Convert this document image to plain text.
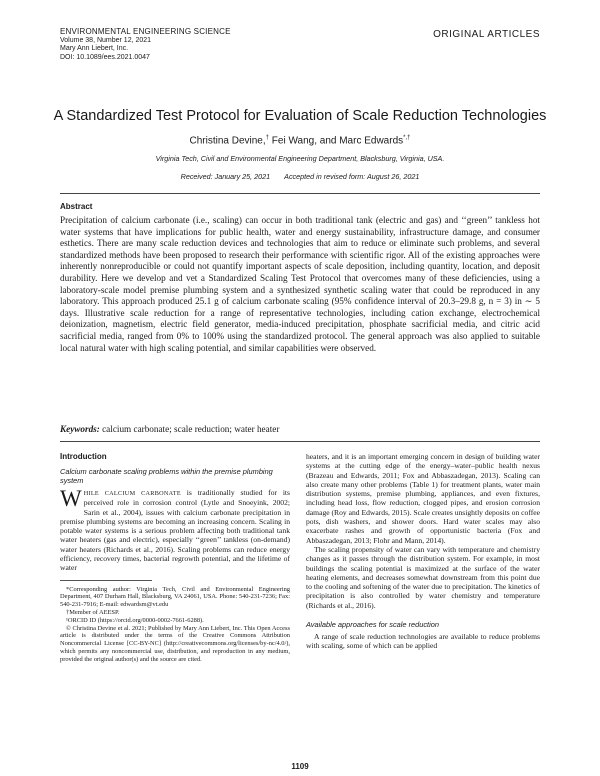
ENVIRONMENTAL ENGINEERING SCIENCE
Volume 38, Number 12, 2021
Mary Ann Liebert, Inc.
DOI: 10.1089/ees.2021.0047
ORIGINAL ARTICLES
A Standardized Test Protocol for Evaluation of Scale Reduction Technologies
Christina Devine,† Fei Wang, and Marc Edwards*,†
Virginia Tech, Civil and Environmental Engineering Department, Blacksburg, Virginia, USA.
Received: January 25, 2021 Accepted in revised form: August 26, 2021
Abstract

Precipitation of calcium carbonate (i.e., scaling) can occur in both traditional tank (electric and gas) and ‘‘green’’ tankless hot water systems that have implications for public health, water and energy sustainability, infrastructure damage, and consumer esthetics. There are many scale reduction devices and technologies that aim to reduce or eliminate such problems, and several standardized methods have been proposed to research their performance with scientific rigor. All of the existing approaches were inherently nonreproducible or could not quantify important aspects of scale deposition, including quantity, location, and deposit durability. Here we develop and vet a Standardized Scaling Test Protocol that overcomes many of these deficiencies, using a laboratory-scale model premise plumbing system and a synthesized synthetic scaling water that could be reproduced in any laboratory. This approach produced 25.1 g of calcium carbonate scaling (95% confidence interval of 20.3–29.8 g, n = 3) in ∼ 5 days. Illustrative scale reduction for a range of representative technologies, including cation exchange, electrochemical deionization, magnetism, electric field generator, media-induced precipitation, phosphate sacrificial media, and citric acid sacrificial media, ranged from 0% to 100% using the standardized protocol. The general approach was also applied to suitable local natural water with high scaling potential, and similar capabilities were observed.

Keywords: calcium carbonate; scale reduction; water heater
Introduction
Calcium carbonate scaling problems within the premise plumbing system

WHILE CALCIUM CARBONATE is traditionally studied for its perceived role in corrosion control (Lytle and Snoeyink, 2002; Sarin et al., 2004), issues with calcium carbonate precipitation in premise plumbing systems are becoming an increasing concern. Scaling in potable water systems is a serious problem affecting both traditional tank water heaters (gas and electric), especially ‘‘green’’ tankless (on-demand) water heaters (Richards et al., 2016). Scaling problems can reduce energy efficiency, recovery times, bacterial regrowth potential, and the lifetime of water

*Corresponding author: Virginia Tech, Civil and Environmental Engineering Department, 407 Durham Hall, Blacksburg, VA 24061, USA. Phone: 540-231-7236; Fax: 540-231-7916; E-mail: edwardsm@vt.edu

†Member of AEESP.

¹ORCID ID (https://orcid.org/0000-0002-7661-6288).

© Christina Devine et al. 2021; Published by Mary Ann Liebert, Inc. This Open Access article is distributed under the terms of the Creative Commons Attribution Noncommercial License [CC-BY-NC] (http://creativecommons.org/licenses/by-nc/4.0/), which permits any noncommercial use, distribution, and reproduction in any medium, provided the original author(s) and the source are cited.

heaters, and it is an important emerging concern in design of building water systems at the cutting edge of the energy–water–public health nexus (Brazeau and Edwards, 2011; Fox and Abbaszadegan, 2013). Scaling can also create many other problems (Table 1) for treatment plants, water main distribution systems, premise plumbing, appliances, and even fixtures, including head loss, flow reduction, clogged pipes, and erosion corrosion damage (Roy and Edwards, 2015). Scale creates unsightly deposits on coffee pots, dish washers, and shower doors. Hard water scales may also exacerbate rashes and growth of opportunistic bacteria (Fox and Abbaszadegan, 2013; Flohr and Mann, 2014).

The scaling propensity of water can vary with temperature and chemistry changes as it passes through the distribution system. For example, in most buildings the scaling potential is maximized at the surface of the water heating elements, and decreases somewhat downstream from this point due to the cooling and softening of the water due to precipitation. The kinetics of precipitation is also controlled by water chemistry and temperature (Richards et al., 2016).

Available approaches for scale reduction

A range of scale reduction technologies are available to reduce problems with scaling, some of which can be applied

1109
